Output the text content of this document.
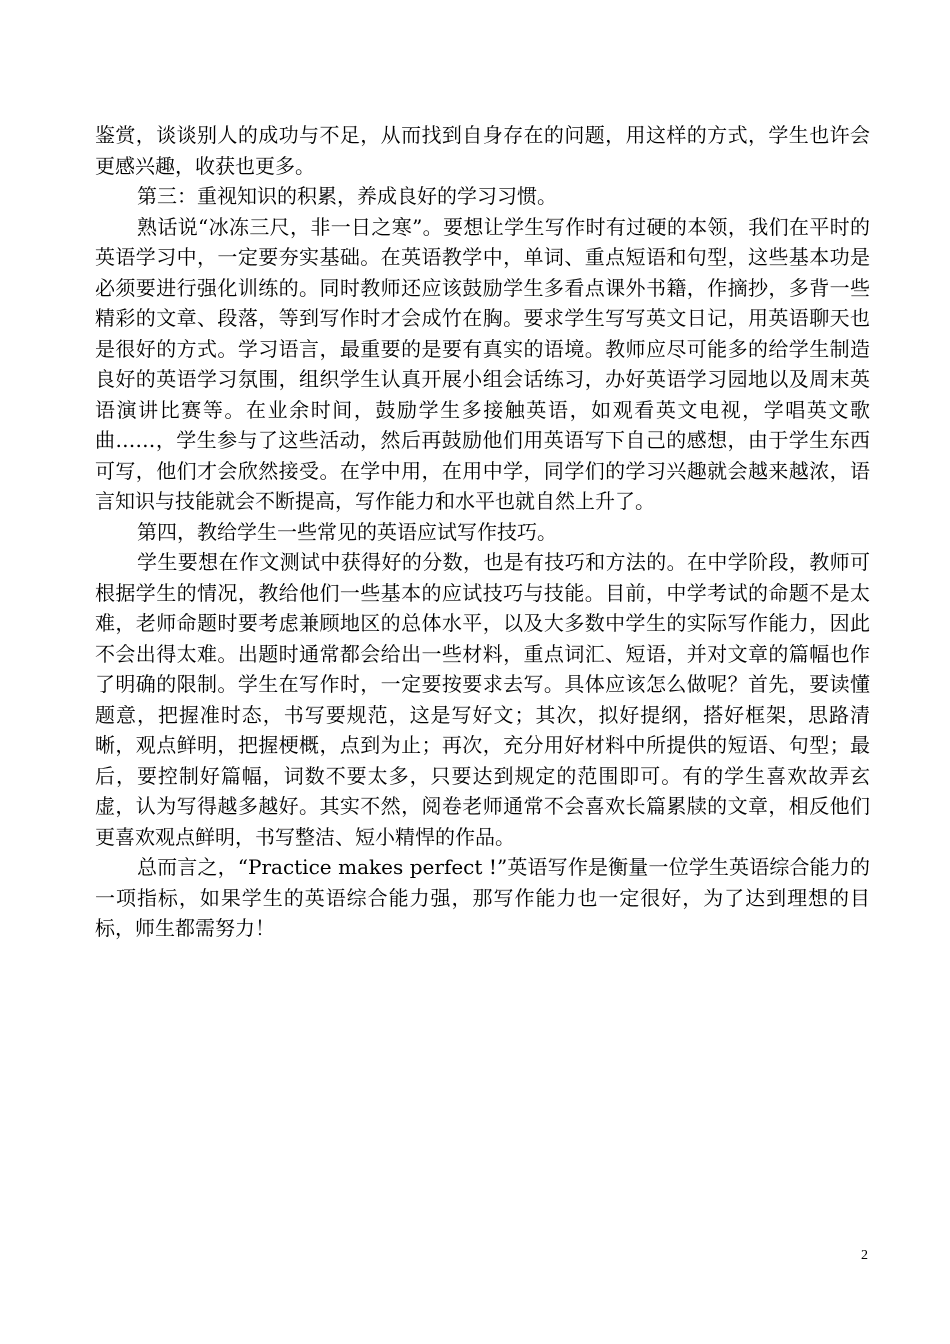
鉴赏，谈谈别人的成功与不足，从而找到自身存在的问题，用这样的方式，学生也许会更感兴趣，收获也更多。

第三：重视知识的积累，养成良好的学习习惯。

熟话说“冰冻三尺，非一日之寒”。要想让学生写作时有过硬的本领，我们在平时的英语学习中，一定要夯实基础。在英语教学中，单词、重点短语和句型，这些基本功是必须要进行强化训练的。同时教师还应该鼓励学生多看点课外书籍，作摘抄，多背一些精彩的文章、段落，等到写作时才会成竹在胸。要求学生写写英文日记，用英语聊天也是很好的方式。学习语言，最重要的是要有真实的语境。教师应尽可能多的给学生制造良好的英语学习氛围，组织学生认真开展小组会话练习，办好英语学习园地以及周末英语演讲比赛等。在业余时间，鼓励学生多接触英语，如观看英文电视，学唱英文歌曲……，学生参与了这些活动，然后再鼓励他们用英语写下自己的感想，由于学生东西可写，他们才会欣然接受。在学中用，在用中学，同学们的学习兴趣就会越来越浓，语言知识与技能就会不断提高，写作能力和水平也就自然上升了。

第四，教给学生一些常见的英语应试写作技巧。

学生要想在作文测试中获得好的分数，也是有技巧和方法的。在中学阶段，教师可根据学生的情况，教给他们一些基本的应试技巧与技能。目前，中学考试的命题不是太难，老师命题时要考虑兼顾地区的总体水平，以及大多数中学生的实际写作能力，因此不会出得太难。出题时通常都会给出一些材料，重点词汇、短语，并对文章的篇幅也作了明确的限制。学生在写作时，一定要按要求去写。具体应该怎么做呢？首先，要读懂题意，把握准时态，书写要规范，这是写好文；其次，拟好提纲，搭好框架，思路清晰，观点鲜明，把握梗概，点到为止；再次，充分用好材料中所提供的短语、句型；最后，要控制好篇幅，词数不要太多，只要达到规定的范围即可。有的学生喜欢故弄玄虚，认为写得越多越好。其实不然，阅卷老师通常不会喜欢长篇累牍的文章，相反他们更喜欢观点鲜明，书写整洁、短小精悍的作品。

总而言之，“Practice makes perfect !”英语写作是衡量一位学生英语综合能力的一项指标，如果学生的英语综合能力强，那写作能力也一定很好，为了达到理想的目标，师生都需努力！

2
